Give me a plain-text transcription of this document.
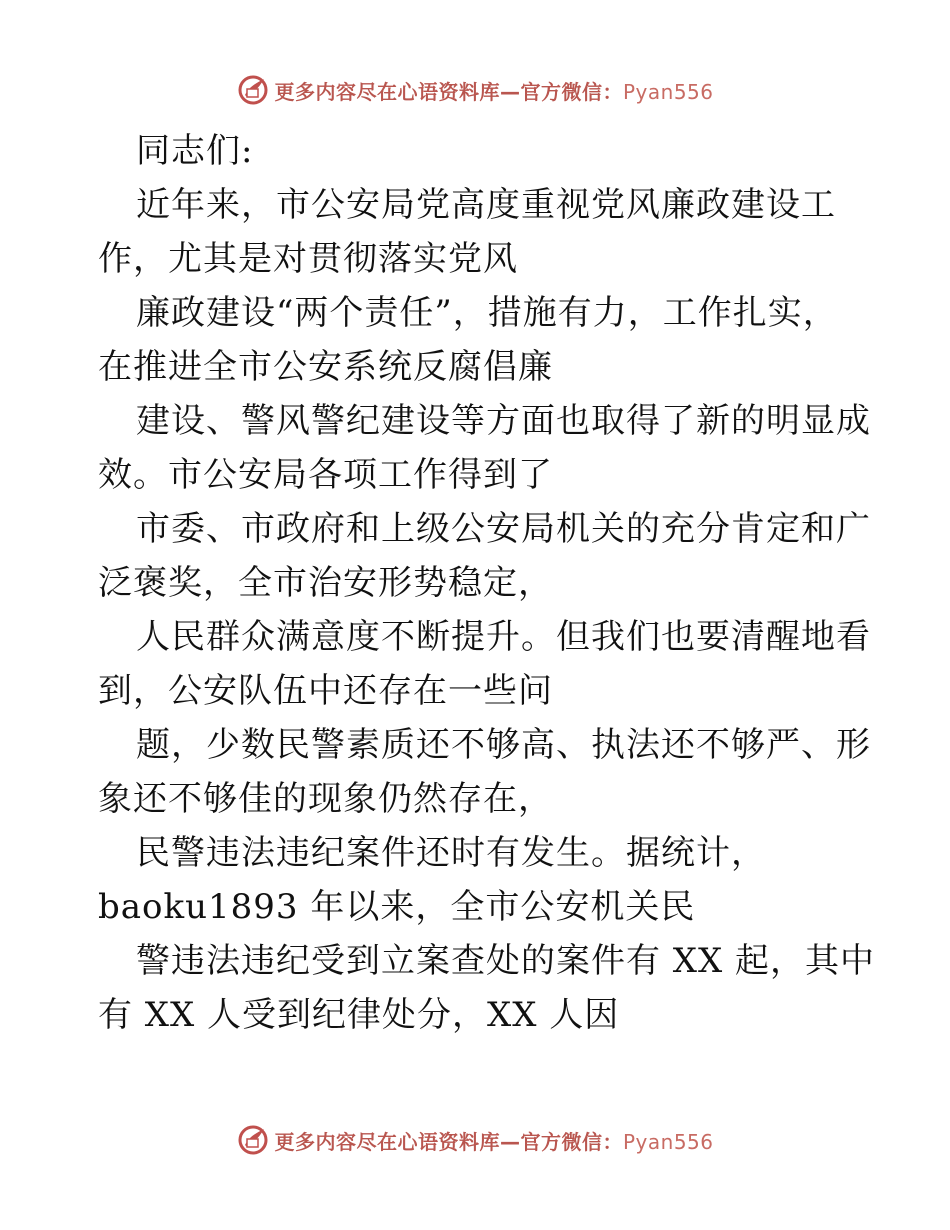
更多内容尽在心语资料库—官方微信：Pyan556
同志们:
近年来，市公安局党高度重视党风廉政建设工
作，尤其是对贯彻落实党风
廉政建设“两个责任”，措施有力，工作扎实，
在推进全市公安系统反腐倡廉
建设、警风警纪建设等方面也取得了新的明显成
效。市公安局各项工作得到了
市委、市政府和上级公安局机关的充分肯定和广
泛褒奖，全市治安形势稳定，
人民群众满意度不断提升。但我们也要清醒地看
到，公安队伍中还存在一些问
题，少数民警素质还不够高、执法还不够严、形
象还不够佳的现象仍然存在，
民警违法违纪案件还时有发生。据统计，
baoku1893 年以来，全市公安机关民
警违法违纪受到立案查处的案件有 XX 起，其中
有 XX 人受到纪律处分，XX 人因
更多内容尽在心语资料库—官方微信：Pyan556
